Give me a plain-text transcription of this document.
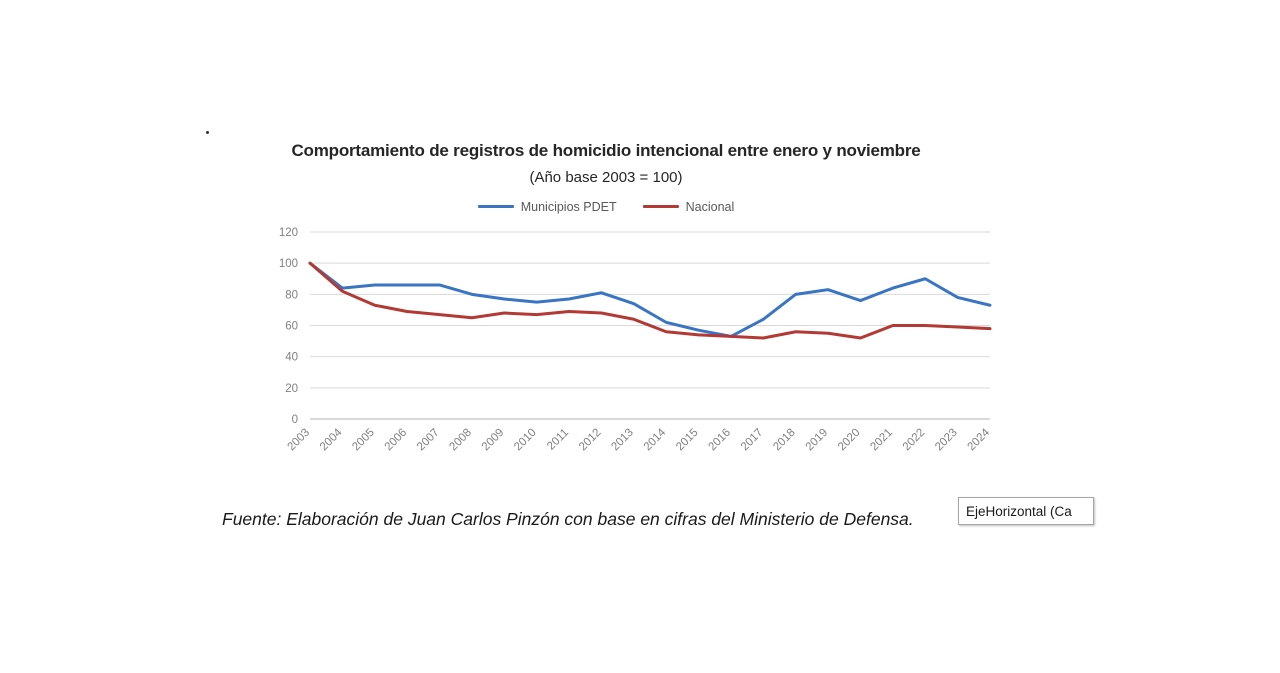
Comportamiento de registros de homicidio intencional entre enero y noviembre
(Año base 2003 = 100)
Municipios PDET	Nacional
0
20
40
60
80
100
120
2003 2004 2005 2006 2007 2008 2009 2010 2011 2012 2013 2014 2015 2016 2017 2018 2019 2020 2021 2022 2023 2024
Fuente: Elaboración de Juan Carlos Pinzón con base en cifras del Ministerio de Defensa.	EjeHorizontal (Ca
